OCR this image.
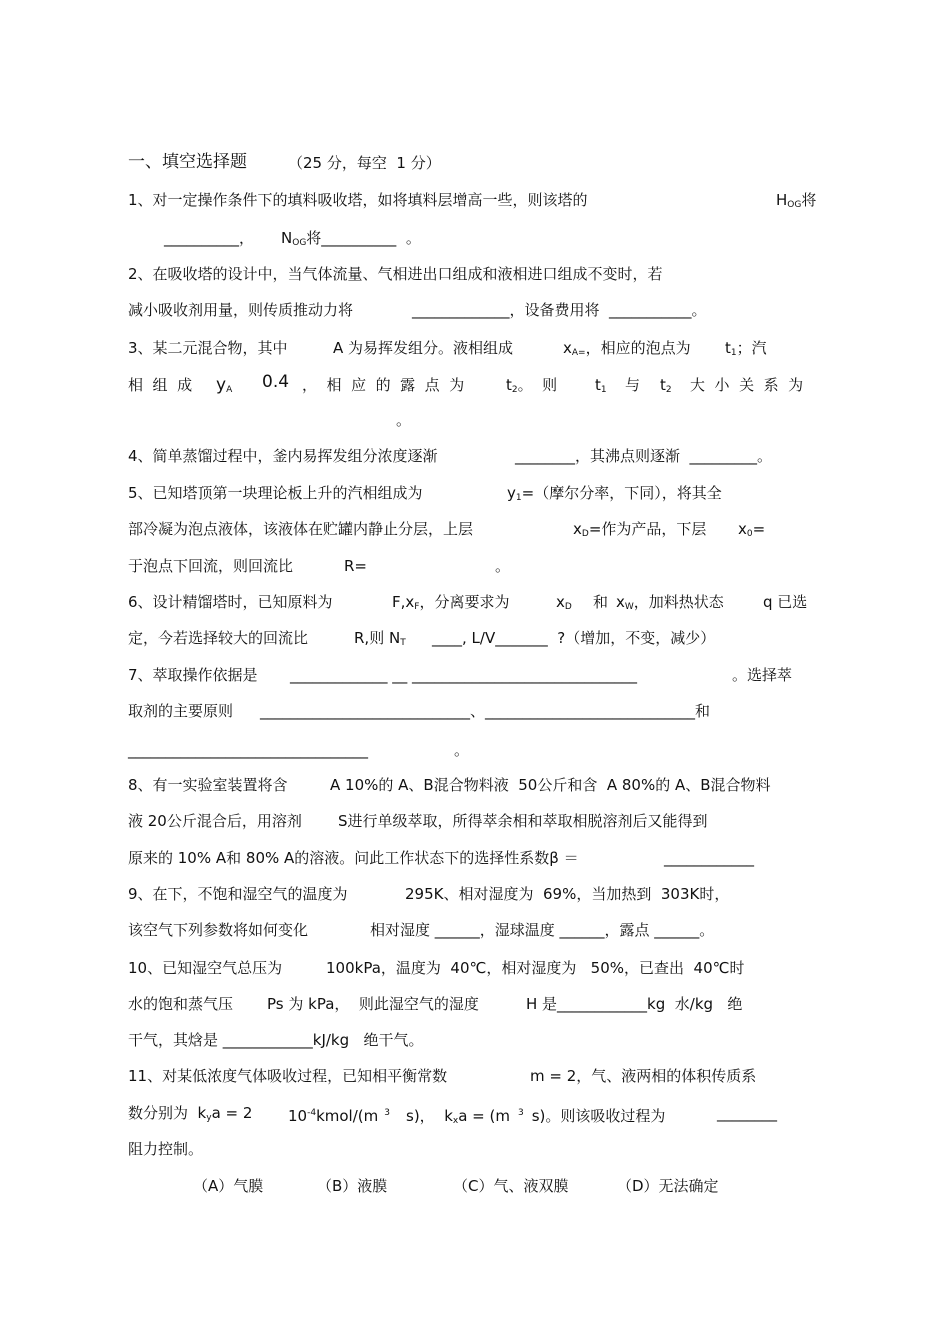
一、填空选择题	（25 分，每空  1 分）
1、对一定操作条件下的填料吸收塔，如将填料层增高一些，则该塔的	HOG将
__________， NOG将__________  。
2、在吸收塔的设计中，当气体流量、气相进出口组成和液相进口组成不变时，若
减小吸收剂用量，则传质推动力将	_____________，设备费用将  ___________。
3、某二元混合物，其中	A 为易挥发组分。液相组成	xA=，相应的泡点为 t1；汽
相  组  成 yA 0.4 ，  相  应  的  露  点  为	t2。  则	t1 与 t2 大  小  关  系  为
。
4、简单蒸馏过程中，釜内易挥发组分浓度逐渐	________，其沸点则逐渐  _________。
5、已知塔顶第一块理论板上升的汽相组成为	y1=（摩尔分率，下同），将其全
部冷凝为泡点液体，该液体在贮罐内静止分层，上层	xD=作为产品，下层 x0=
于泡点下回流，则回流比	R=	。
6、设计精馏塔时，已知原料为	F,xF，分离要求为	xD 和 xW，加料热状态	q 已选
定，今若选择较大的回流比	R,则 NT ____, L/V_______  ?（增加，不变，减少）
7、萃取操作依据是 _____________ __ ______________________________	。选择萃
取剂的主要原则 ____________________________、____________________________和
________________________________	。
8、有一实验室装置将含	A 10%的 A、B混合物料液  50公斤和含  A 80%的 A、B混合物料
液 20公斤混合后，用溶剂 S进行单级萃取，所得萃余相和萃取相脱溶剂后又能得到
原来的 10% A和 80% A的溶液。问此工作状态下的选择性系数β ＝	____________
9、在下，不饱和湿空气的温度为	295K、相对湿度为  69%，当加热到  303K时，
该空气下列参数将如何变化	相对湿度 ______，湿球温度 ______，露点 ______。
10、已知湿空气总压为	100kPa，温度为  40℃，相对湿度为   50%，已查出  40℃时
水的饱和蒸气压 Ps 为 kPa，  则此湿空气的湿度	H 是____________kg  水/kg   绝
干气，其焓是 ____________kJ/kg   绝干气。
11、对某低浓度气体吸收过程，已知相平衡常数	m = 2，气、液两相的体积传质系
数分别为  kya = 2 $10^{-4}kmol/(m$ $^3$ s)，  kxa = (m $^3$ s)。则该吸收过程为	________
阻力控制。
（A）气膜	（B）液膜	（C）气、液双膜	（D）无法确定
